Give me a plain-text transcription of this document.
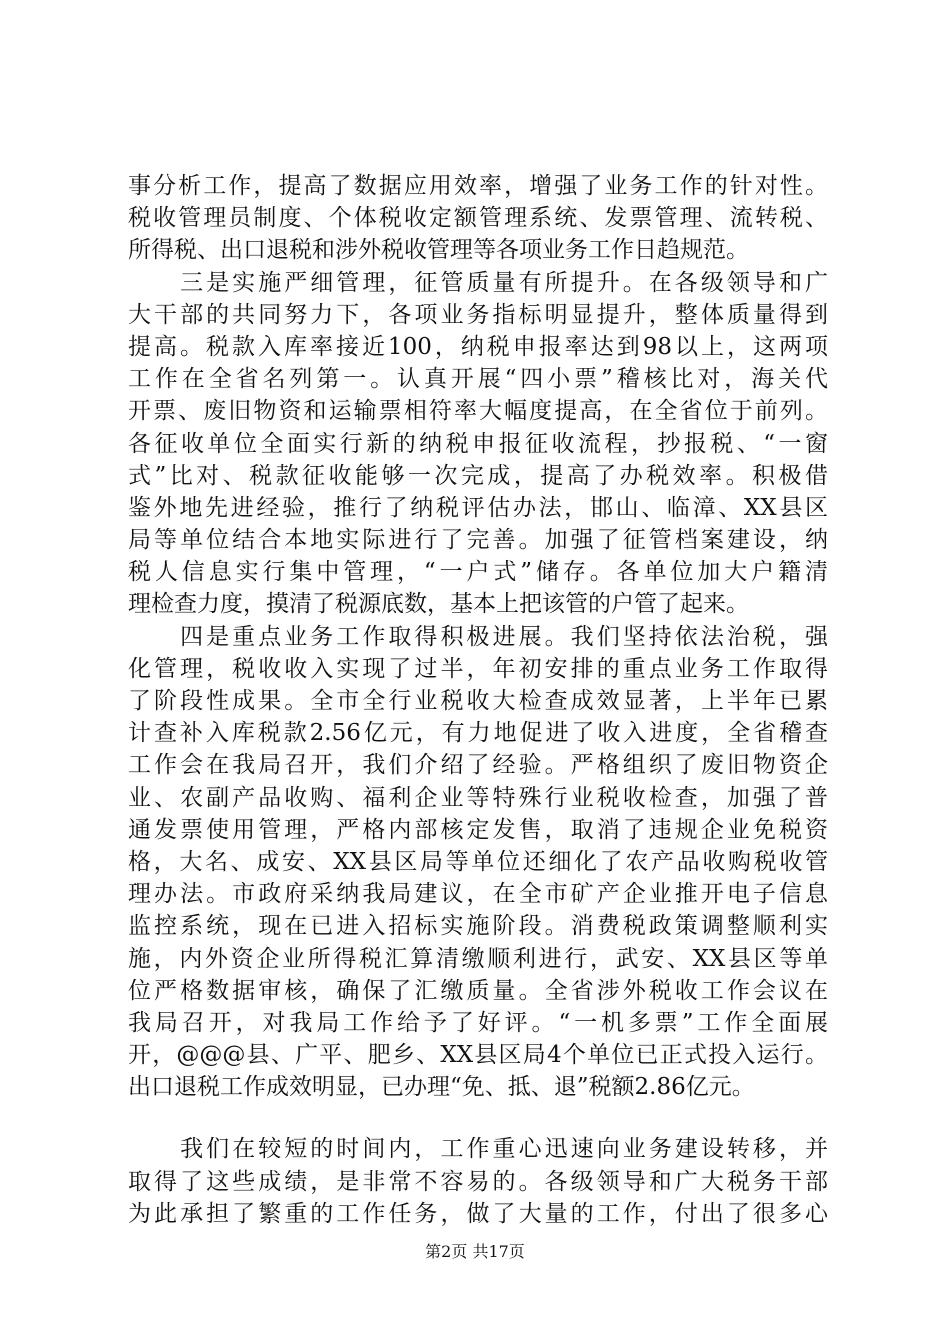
事分析工作，提高了数据应用效率，增强了业务工作的针对性。
税收管理员制度、个体税收定额管理系统、发票管理、流转税、
所得税、出口退税和涉外税收管理等各项业务工作日趋规范。
　　三是实施严细管理，征管质量有所提升。在各级领导和广
大干部的共同努力下，各项业务指标明显提升，整体质量得到
提高。税款入库率接近100，纳税申报率达到98以上，这两项
工作在全省名列第一。认真开展“四小票”稽核比对，海关代
开票、废旧物资和运输票相符率大幅度提高，在全省位于前列。
各征收单位全面实行新的纳税申报征收流程，抄报税、“一窗
式”比对、税款征收能够一次完成，提高了办税效率。积极借
鉴外地先进经验，推行了纳税评估办法，邯山、临漳、XX县区
局等单位结合本地实际进行了完善。加强了征管档案建设，纳
税人信息实行集中管理，“一户式”储存。各单位加大户籍清
理检查力度，摸清了税源底数，基本上把该管的户管了起来。
　　四是重点业务工作取得积极进展。我们坚持依法治税，强
化管理，税收收入实现了过半，年初安排的重点业务工作取得
了阶段性成果。全市全行业税收大检查成效显著，上半年已累
计查补入库税款2.56亿元，有力地促进了收入进度，全省稽查
工作会在我局召开，我们介绍了经验。严格组织了废旧物资企
业、农副产品收购、福利企业等特殊行业税收检查，加强了普
通发票使用管理，严格内部核定发售，取消了违规企业免税资
格，大名、成安、XX县区局等单位还细化了农产品收购税收管
理办法。市政府采纳我局建议，在全市矿产企业推开电子信息
监控系统，现在已进入招标实施阶段。消费税政策调整顺利实
施，内外资企业所得税汇算清缴顺利进行，武安、XX县区等单
位严格数据审核，确保了汇缴质量。全省涉外税收工作会议在
我局召开，对我局工作给予了好评。“一机多票”工作全面展
开，@@@县、广平、肥乡、XX县区局4个单位已正式投入运行。
出口退税工作成效明显，已办理“免、抵、退”税额2.86亿元。
　　我们在较短的时间内，工作重心迅速向业务建设转移，并
取得了这些成绩，是非常不容易的。各级领导和广大税务干部
为此承担了繁重的工作任务，做了大量的工作，付出了很多心
第2页 共17页
